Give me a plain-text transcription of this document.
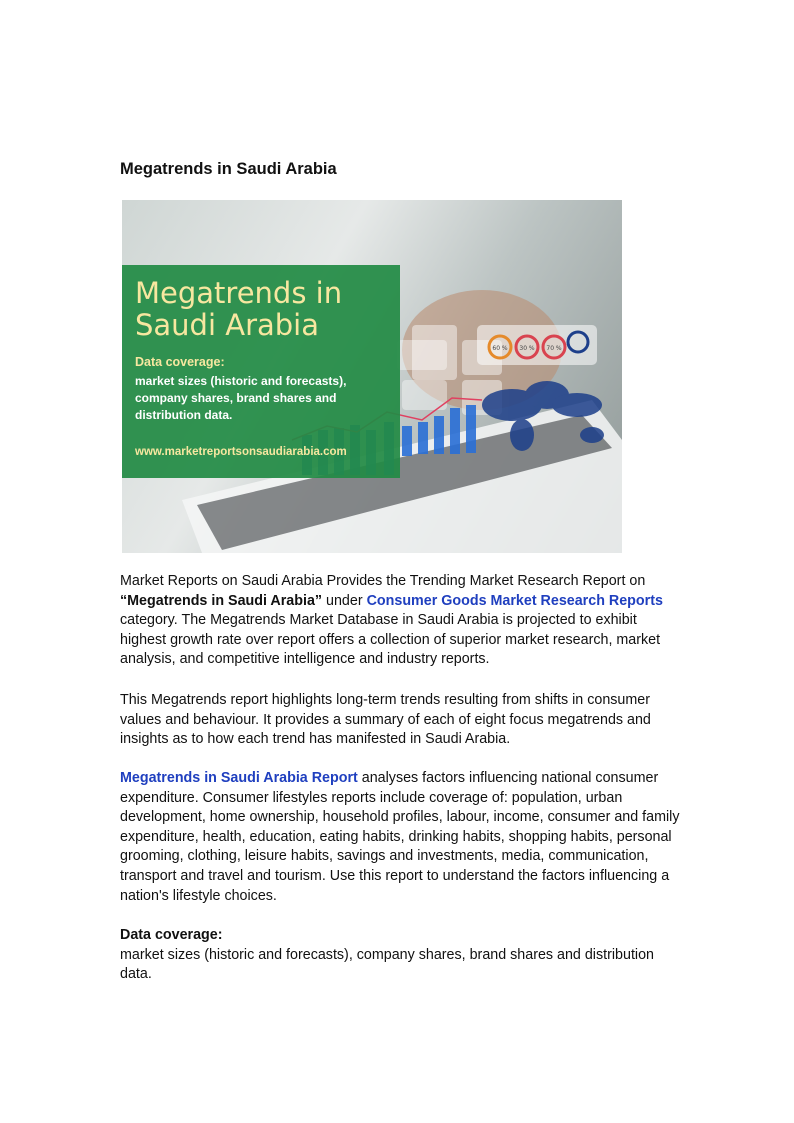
Megatrends in Saudi Arabia
60 % 30 % 70 %
Megatrends in Saudi Arabia
Data coverage:
market sizes (historic and forecasts), company shares, brand shares and distribution data.
www.marketreportsonsaudiarabia.com

Market Reports on Saudi Arabia Provides the Trending Market Research Report on “Megatrends in Saudi Arabia” under Consumer Goods Market Research Reports category. The Megatrends Market Database in Saudi Arabia is projected to exhibit highest growth rate over report offers a collection of superior market research, market analysis, and competitive intelligence and industry reports.

This Megatrends report highlights long-term trends resulting from shifts in consumer values and behaviour. It provides a summary of each of eight focus megatrends and insights as to how each trend has manifested in Saudi Arabia.

Megatrends in Saudi Arabia Report analyses factors influencing national consumer expenditure. Consumer lifestyles reports include coverage of: population, urban development, home ownership, household profiles, labour, income, consumer and family expenditure, health, education, eating habits, drinking habits, shopping habits, personal grooming, clothing, leisure habits, savings and investments, media, communication, transport and travel and tourism. Use this report to understand the factors influencing a nation's lifestyle choices.

Data coverage:
market sizes (historic and forecasts), company shares, brand shares and distribution data.
